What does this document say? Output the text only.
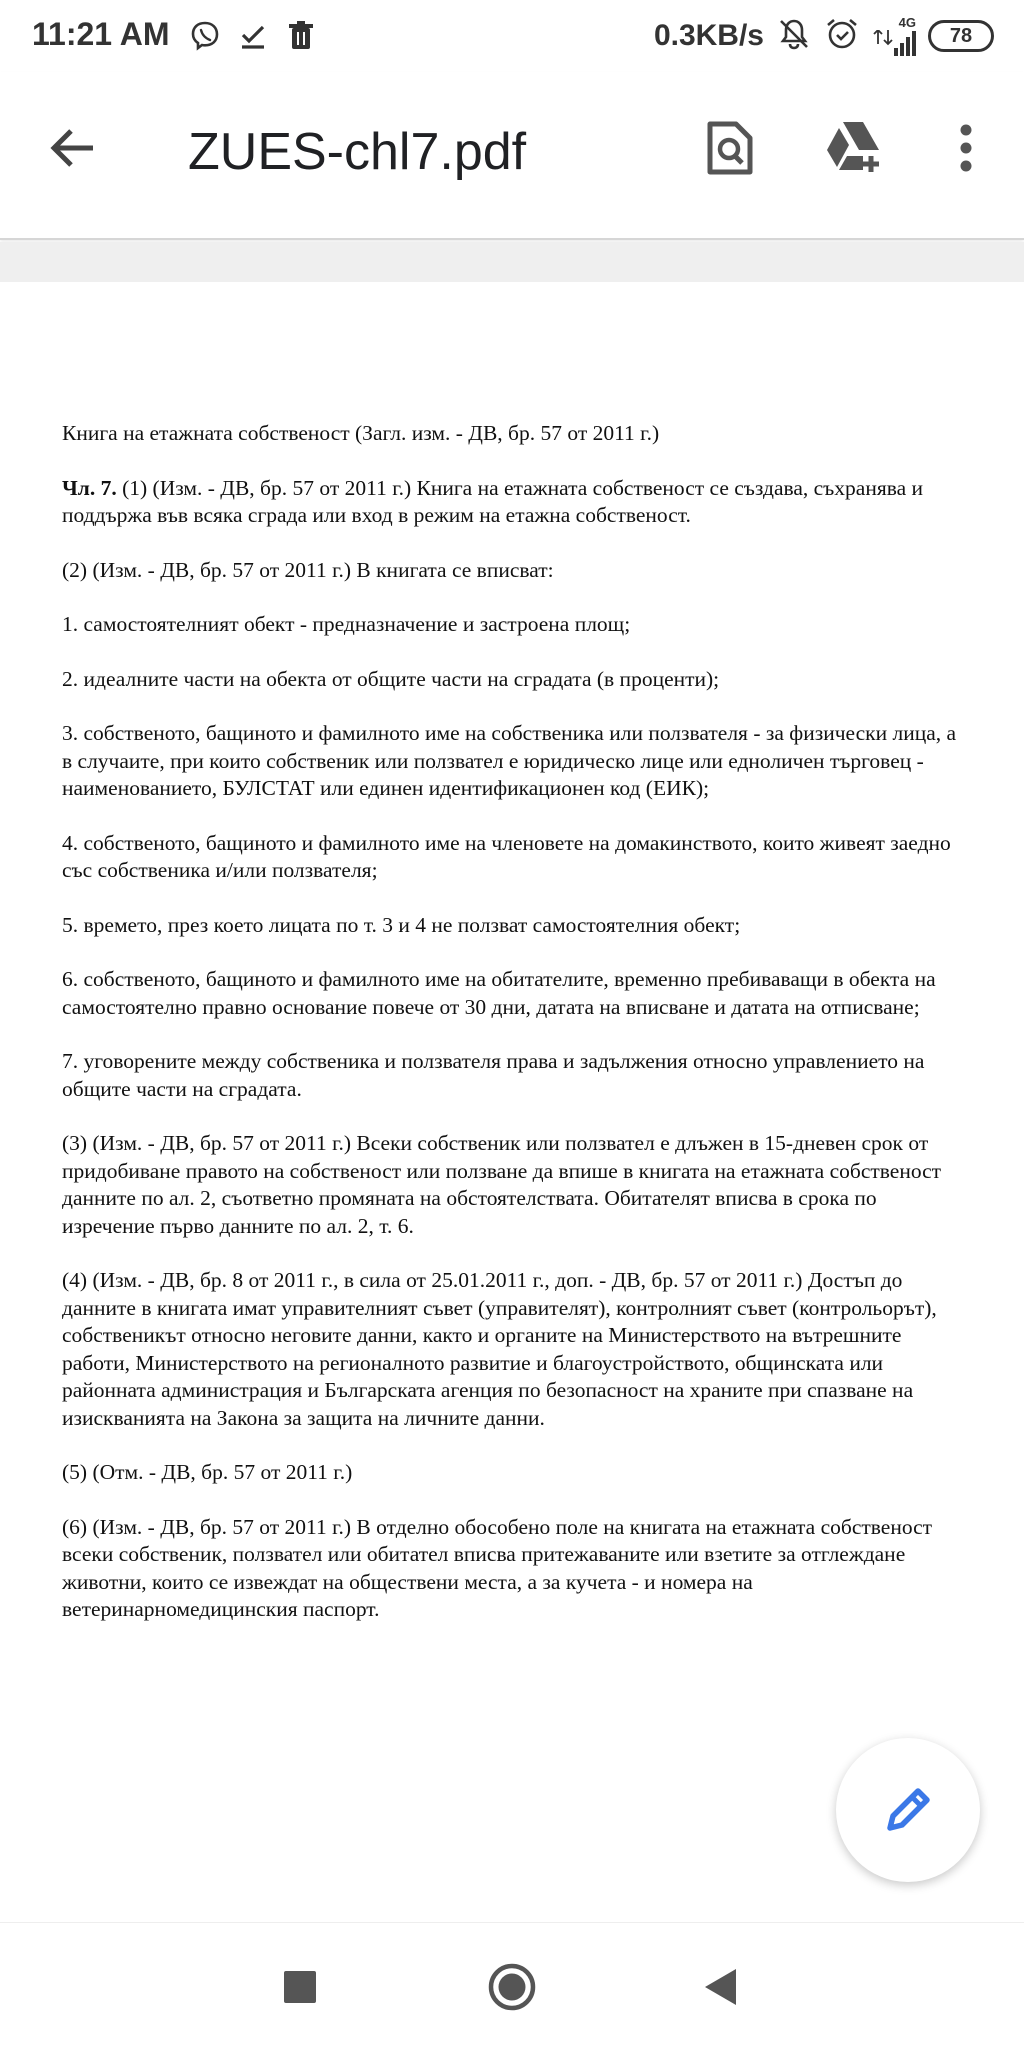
11:21 AM	0.3KB/s	4G
78
ZUES-chl7.pdf

Книга на етажната собственост (Загл. изм. - ДВ, бр. 57 от 2011 г.)

Чл. 7. (1) (Изм. - ДВ, бр. 57 от 2011 г.) Книга на етажната собственост се създава, съхранява и поддържа във всяка сграда или вход в режим на етажна собственост.

(2) (Изм. - ДВ, бр. 57 от 2011 г.) В книгата се вписват:

1. самостоятелният обект - предназначение и застроена площ;

2. идеалните части на обекта от общите части на сградата (в проценти);

3. собственото, бащиното и фамилното име на собственика или ползвателя - за физически лица, а в случаите, при които собственик или ползвател е юридическо лице или едноличен търговец - наименованието, БУЛСТАТ или единен идентификационен код (ЕИК);

4. собственото, бащиното и фамилното име на членовете на домакинството, които живеят заедно със собственика и/или ползвателя;

5. времето, през което лицата по т. 3 и 4 не ползват самостоятелния обект;

6. собственото, бащиното и фамилното име на обитателите, временно пребиваващи в обекта на самостоятелно правно основание повече от 30 дни, датата на вписване и датата на отписване;

7. уговорените между собственика и ползвателя права и задължения относно управлението на общите части на сградата.

(3) (Изм. - ДВ, бр. 57 от 2011 г.) Всеки собственик или ползвател е длъжен в 15-дневен срок от придобиване правото на собственост или ползване да впише в книгата на етажната собственост данните по ал. 2, съответно промяната на обстоятелствата. Обитателят вписва в срока по изречение първо данните по ал. 2, т. 6.

(4) (Изм. - ДВ, бр. 8 от 2011 г., в сила от 25.01.2011 г., доп. - ДВ, бр. 57 от 2011 г.) Достъп до данните в книгата имат управителният съвет (управителят), контролният съвет (контрольорът), собственикът относно неговите данни, както и органите на Министерството на вътрешните работи, Министерството на регионалното развитие и благоустройството, общинската или районната администрация и Българската агенция по безопасност на храните при спазване на изискванията на Закона за защита на личните данни.

(5) (Отм. - ДВ, бр. 57 от 2011 г.)

(6) (Изм. - ДВ, бр. 57 от 2011 г.) В отделно обособено поле на книгата на етажната собственост всеки собственик, ползвател или обитател вписва притежаваните или взетите за отглеждане животни, които се извеждат на обществени места, а за кучета - и номера на ветеринарномедицинския паспорт.
